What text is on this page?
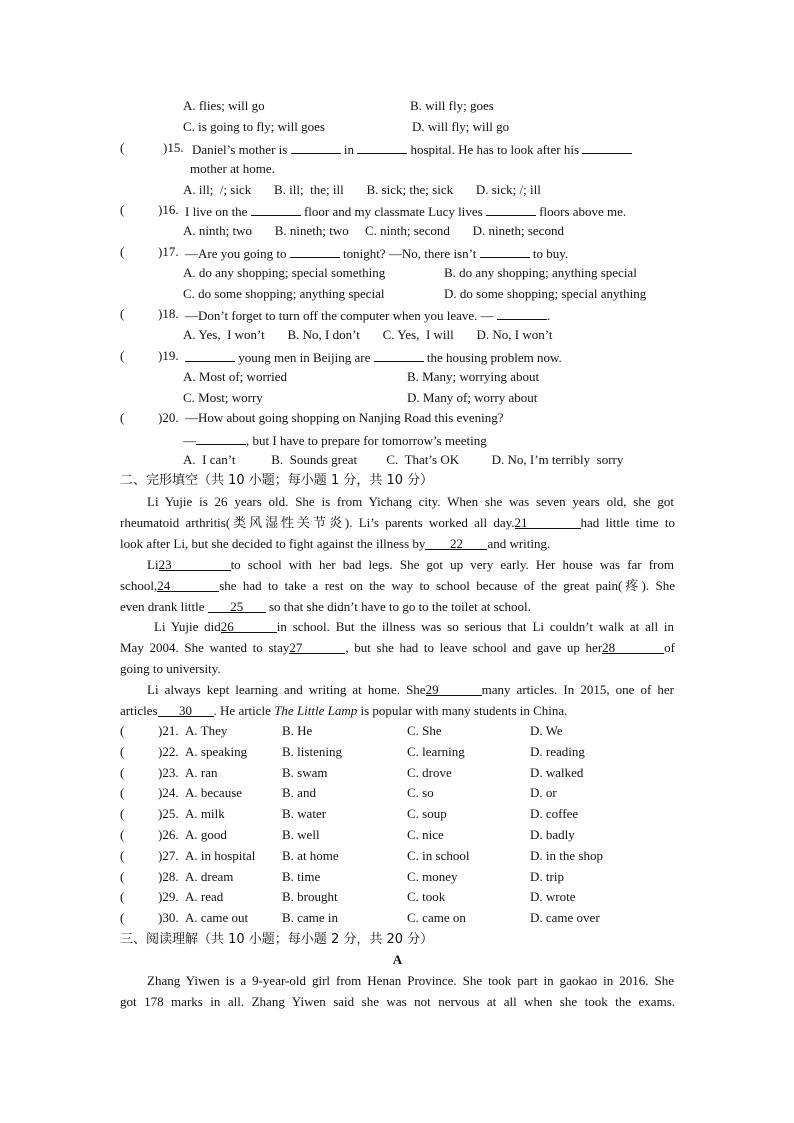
A. flies; will go	B. will fly; goes
C. is going to fly; will goes	D. will fly; will go
(	)15. Daniel’s mother is	in	hospital. He has to look after his
mother at home.
A. ill;  /; sick       B. ill;  the; ill       B. sick; the; sick       D. sick; /; ill
(	)16. I live on the	floor and my classmate Lucy lives	floors above me.
A. ninth; two       B. nineth; two     C. ninth; second       D. nineth; second
(	)17. —Are you going to	tonight? —No, there isn’t	to buy.
A. do any shopping; special something	B. do any shopping; anything special
C. do some shopping; anything special	D. do some shopping; special anything
(	)18. —Don’t forget to turn off the computer when you leave. —	.
A. Yes,  I won’t       B. No, I don’t       C. Yes,  I will       D. No, I won’t
(	)19.	young men in Beijing are	the housing problem now.
A. Most of; worried	B. Many; worrying about
C. Most; worry	D. Many of; worry about
(	)20. —How about going shopping on Nanjing Road this evening?
—	, but I have to prepare for tomorrow’s meeting
A.  I can’t           B.  Sounds great         C.  That’s OK          D. No, I’m terribly  sorry
二、完形填空（共 10 小题；每小题 1 分，共 10 分）
Li Yujie is 26 years old. She is from Yichang city. When she was seven years old, she got
rheumatoid arthritis(类风湿性关节炎). Li’s parents worked all day.21	had little time to
look after Li, but she decided to fight against the illness by 22 and writing.
Li23	to school with her bad legs. She got up very early. Her house was far from
school,24	she had to take a rest on the way to school because of the great pain(疼). She
even drank little 25 so that she didn’t have to go to the toilet at school.
Li Yujie did26	in school. But the illness was so serious that Li couldn’t walk at all in
May 2004. She wanted to stay27	, but she had to leave school and gave up her28	of
going to university.
Li always kept learning and writing at home. She29	many articles. In 2015, one of her
articles 30 . He article The Little Lamp is popular with many students in China.
(	)21. A. They	B. He	C. She	D. We
(	)22. A. speaking	B. listening	C. learning	D. reading
(	)23. A. ran	B. swam	C. drove	D. walked
(	)24. A. because	B. and	C. so	D. or
(	)25. A. milk	B. water	C. soup	D. coffee
(	)26. A. good	B. well	C. nice	D. badly
(	)27. A. in hospital B. at home	C. in school	D. in the shop
(	)28. A. dream	B. time	C. money	D. trip
(	)29. A. read	B. brought	C. took	D. wrote
(	)30. A. came out	B. came in	C. came on	D. came over
三、阅读理解（共 10 小题；每小题 2 分，共 20 分）
A
Zhang Yiwen is a 9-year-old girl from Henan Province. She took part in gaokao in 2016. She
got 178 marks in all. Zhang Yiwen said she was not nervous at all when she took the exams.
